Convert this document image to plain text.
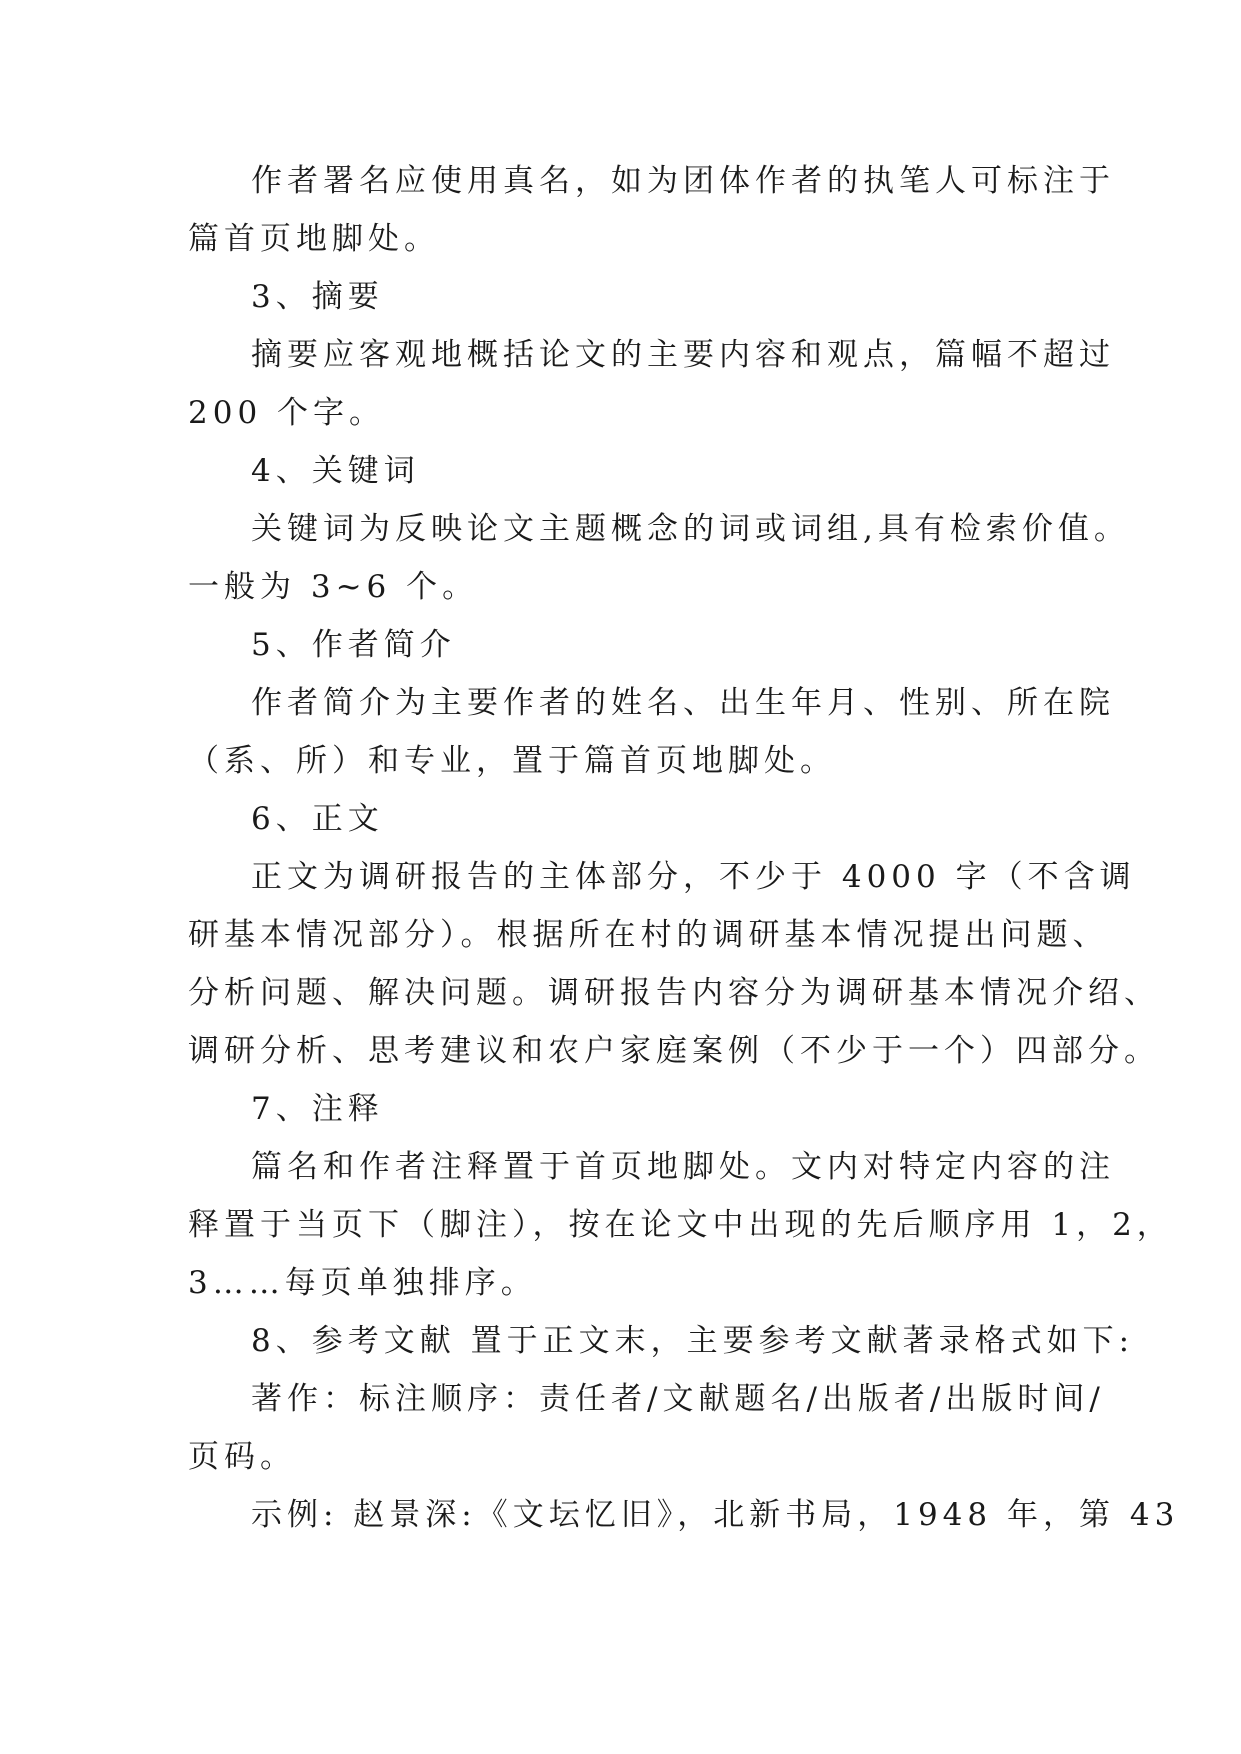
作者署名应使用真名，如为团体作者的执笔人可标注于
篇首页地脚处。
3、摘要
摘要应客观地概括论文的主要内容和观点，篇幅不超过
200 个字。
4、关键词
关键词为反映论文主题概念的词或词组,具有检索价值。
一般为 3~6 个。
5、作者简介
作者简介为主要作者的姓名、出生年月、性别、所在院
（系、所）和专业，置于篇首页地脚处。
6、正文
正文为调研报告的主体部分，不少于 4000 字（不含调
研基本情况部分）。根据所在村的调研基本情况提出问题、
分析问题、解决问题。调研报告内容分为调研基本情况介绍、
调研分析、思考建议和农户家庭案例（不少于一个）四部分。
7、注释
篇名和作者注释置于首页地脚处。文内对特定内容的注
释置于当页下（脚注），按在论文中出现的先后顺序用 1，2，
3……每页单独排序。
8、参考文献 置于正文末，主要参考文献著录格式如下:
著作：标注顺序：责任者/文献题名/出版者/出版时间/
页码。
示例: 赵景深:《文坛忆旧》，北新书局，1948 年，第 43
